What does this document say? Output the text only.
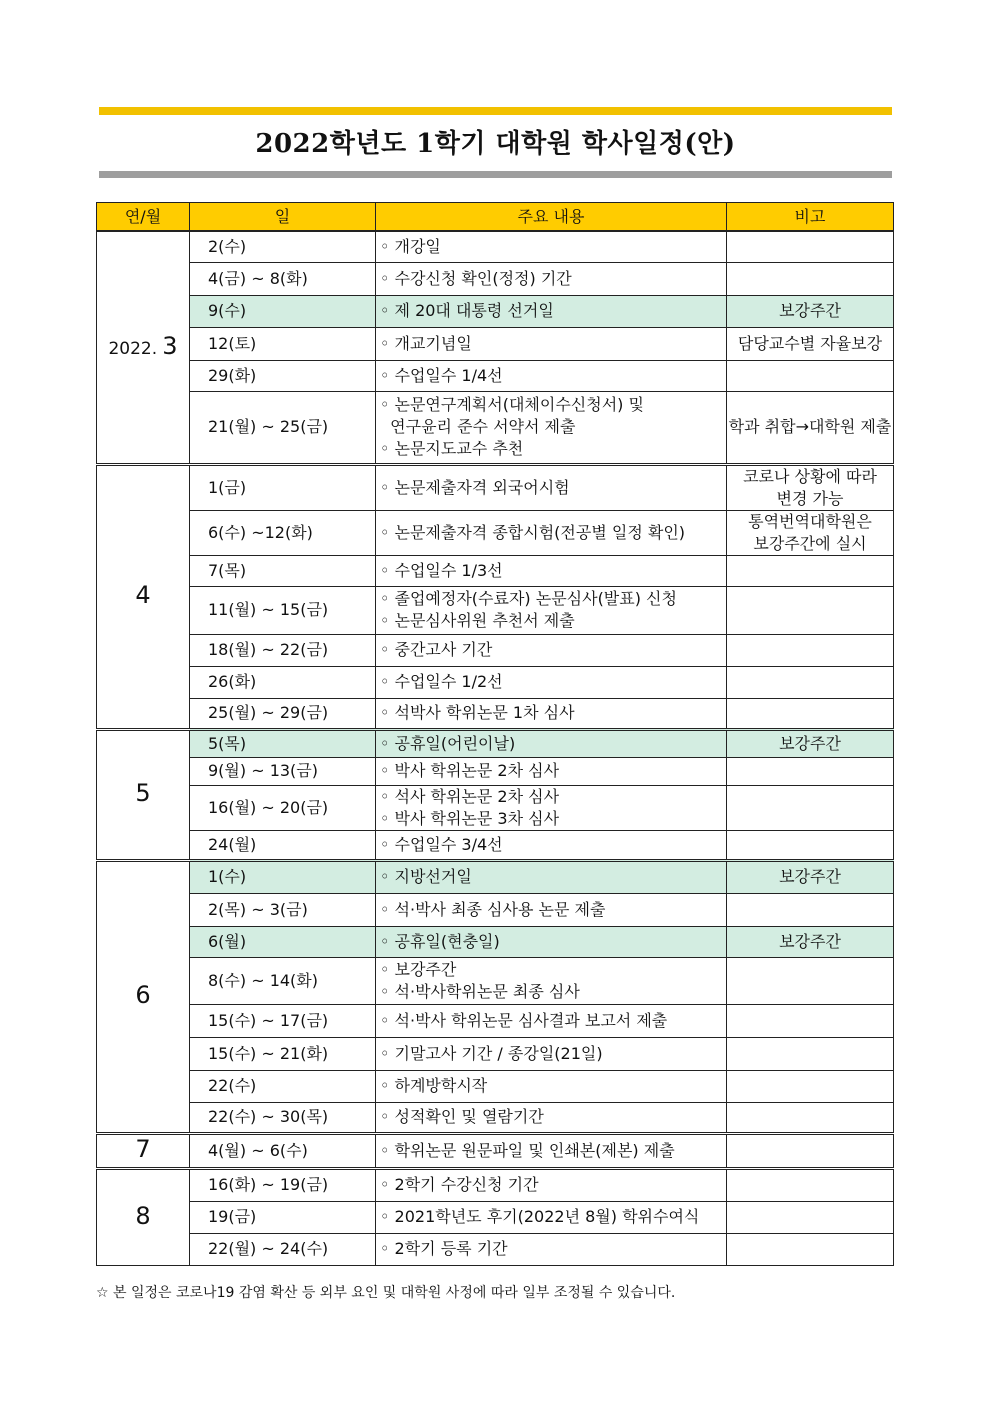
2022학년도 1학기 대학원 학사일정(안)
연/월	일	주요 내용	비고
2022. 3	2(수)	◦ 개강일	

	4(금) ~ 8(화)	◦ 수강신청 확인(정정) 기간	

	9(수)	◦ 제 20대 대통령 선거일	보강주간
	12(토)	◦ 개교기념일	담당교수별 자율보강
	29(화)	◦ 수업일수 1/4선	

	21(월) ~ 25(금)	◦ 논문연구계획서(대체이수신청서) 및
연구윤리 준수 서약서 제출
◦ 논문지도교수 추천	학과 취합→대학원 제출
4	1(금)	◦ 논문제출자격 외국어시험	코로나 상황에 따라
변경 가능
	6(수) ~12(화)	◦ 논문제출자격 종합시험(전공별 일정 확인)	통역번역대학원은
보강주간에 실시
	7(목)	◦ 수업일수 1/3선	

	11(월) ~ 15(금)	◦ 졸업예정자(수료자) 논문심사(발표) 신청
◦ 논문심사위원 추천서 제출	

	18(월) ~ 22(금)	◦ 중간고사 기간	

	26(화)	◦ 수업일수 1/2선	

	25(월) ~ 29(금)	◦ 석박사 학위논문 1차 심사	

5	5(목)	◦ 공휴일(어린이날)	보강주간
	9(월) ~ 13(금)	◦ 박사 학위논문 2차 심사	

	16(월) ~ 20(금)	◦ 석사 학위논문 2차 심사
◦ 박사 학위논문 3차 심사	

	24(월)	◦ 수업일수 3/4선	

6	1(수)	◦ 지방선거일	보강주간
	2(목) ~ 3(금)	◦ 석·박사 최종 심사용 논문 제출	

	6(월)	◦ 공휴일(현충일)	보강주간
	8(수) ~ 14(화)	◦ 보강주간
◦ 석·박사학위논문 최종 심사	

	15(수) ~ 17(금)	◦ 석·박사 학위논문 심사결과 보고서 제출	

	15(수) ~ 21(화)	◦ 기말고사 기간 / 종강일(21일)	

	22(수)	◦ 하계방학시작	

	22(수) ~ 30(목)	◦ 성적확인 및 열람기간	

7	4(월) ~ 6(수)	◦ 학위논문 원문파일 및 인쇄본(제본) 제출	

8	16(화) ~ 19(금)	◦ 2학기 수강신청 기간	

	19(금)	◦ 2021학년도 후기(2022년 8월) 학위수여식	

	22(월) ~ 24(수)	◦ 2학기 등록 기간	

☆ 본 일정은 코로나19 감염 확산 등 외부 요인 및 대학원 사정에 따라 일부 조정될 수 있습니다.
